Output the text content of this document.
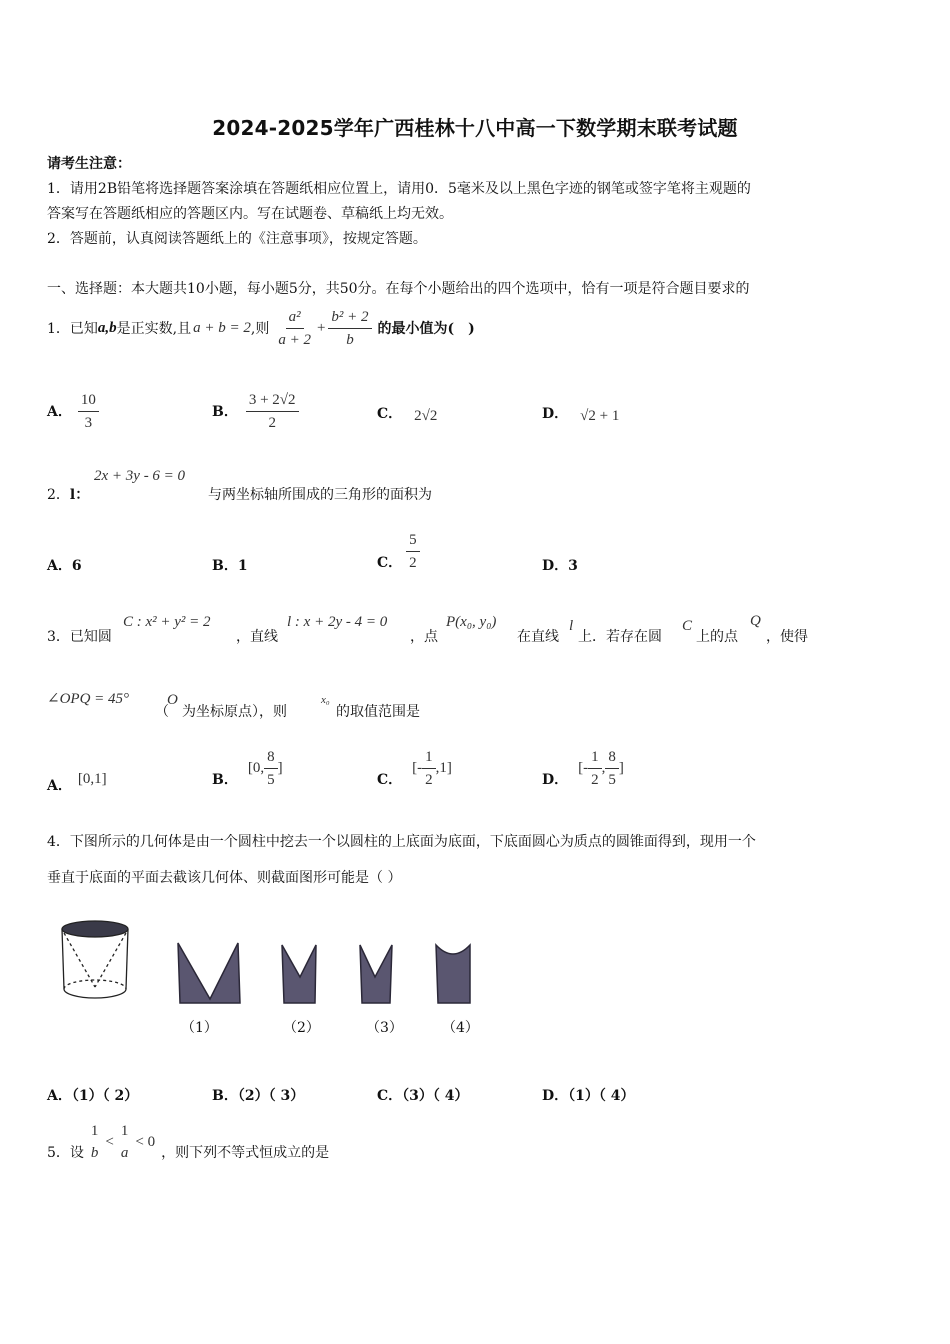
2024-2025学年广西桂林十八中高一下数学期末联考试题
请考生注意：
1．请用2B铅笔将选择题答案涂填在答题纸相应位置上，请用0．5毫米及以上黑色字迹的钢笔或签字笔将主观题的
答案写在答题纸相应的答题区内。写在试题卷、草稿纸上均无效。
2．答题前，认真阅读答题纸上的《注意事项》，按规定答题。
一、选择题：本大题共10小题，每小题5分，共50分。在每个小题给出的四个选项中，恰有一项是符合题目要求的
1． 已知 a,b 是正实数,且 a + b = 2 ,则 $\frac{\text{a²}}{a + 2} + \frac{\text{b² + 2}}{b}$ 的最小值为(　)
A． $\frac{10}{3}$	B． $\frac{3 + 2√2}{2}$	C． 2√2	D． √2 + 1
2．l：
2x + 3y - 6 = 0
与两坐标轴所围成的三角形的面积为
A．6	B．1	C． $\frac{5}{2}$	D．3
3．已知圆
C : x² + y² = 2
，直线
l : x + 2y - 4 = 0
，点
P(x₀, y₀)
在直线
l
上．若存在圆
C
上的点
Q
，使得
∠OPQ = 45°
（
O
为坐标原点），则
x₀
的取值范围是
A． [0,1]	B．
[0, $\frac{8}{5}$ ]
C．
[- $\frac{1}{2} ,1$]
D．
[- $\frac{1}{2}$ , $\frac{8}{5}$ ]
4．下图所示的几何体是由一个圆柱中挖去一个以圆柱的上底面为底面，下底面圆心为质点的圆锥面得到，现用一个
垂直于底面的平面去截该几何体、则截面图形可能是（ ）
（1）	（2）	（3）	（4）
A．（1）（ 2）	B．（2）（ 3）	C．（3）（ 4）	D．（1）（ 4）
5． 设
1
b
<
1
a
< 0
，则下列不等式恒成立的是
